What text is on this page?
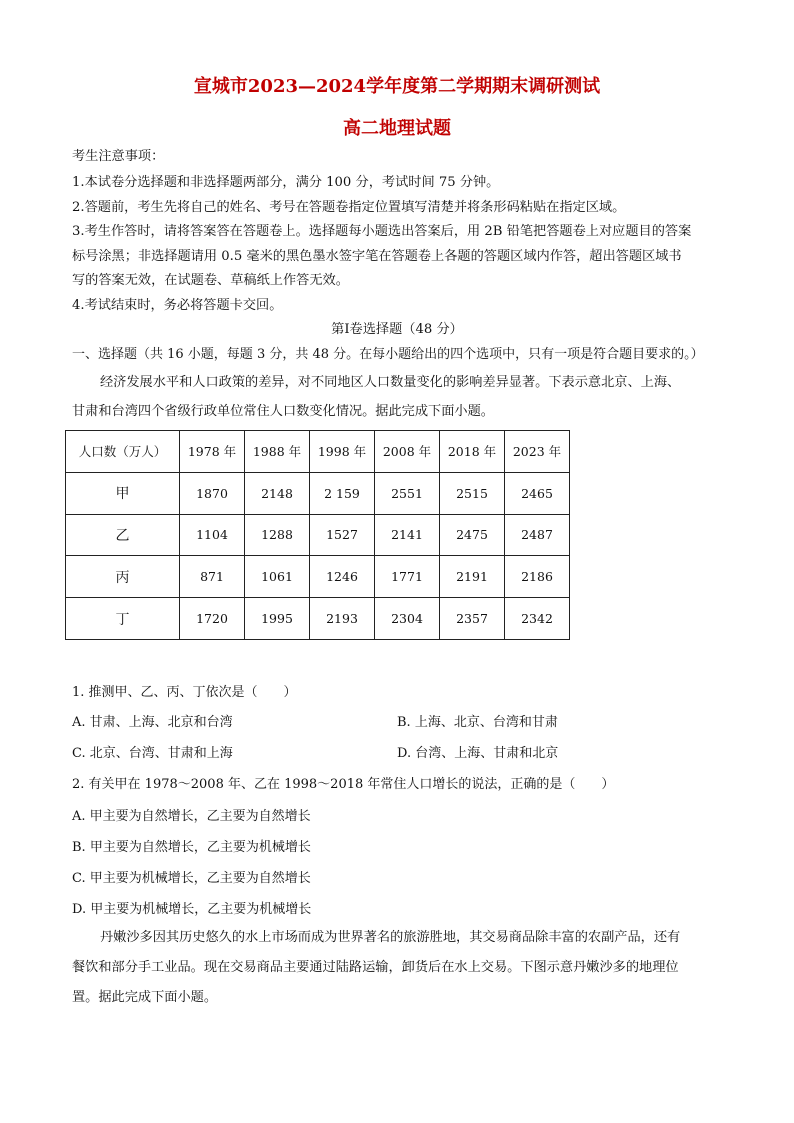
宣城市2023—2024学年度第二学期期末调研测试
高二地理试题
考生注意事项：
1.本试卷分选择题和非选择题两部分，满分 100 分，考试时间 75 分钟。
2.答题前，考生先将自己的姓名、考号在答题卷指定位置填写清楚并将条形码粘贴在指定区域。
3.考生作答时，请将答案答在答题卷上。选择题每小题选出答案后，用 2B 铅笔把答题卷上对应题目的答案
标号涂黑；非选择题请用 0.5 毫米的黑色墨水签字笔在答题卷上各题的答题区域内作答，超出答题区域书
写的答案无效，在试题卷、草稿纸上作答无效。
4.考试结束时，务必将答题卡交回。
第Ⅰ卷选择题（48 分）
一、选择题（共 16 小题，每题 3 分，共 48 分。在每小题给出的四个选项中，只有一项是符合题目要求的。）
经济发展水平和人口政策的差异，对不同地区人口数量变化的影响差异显著。下表示意北京、上海、
甘肃和台湾四个省级行政单位常住人口数变化情况。据此完成下面小题。
人口数（万人）	1978 年	1988 年	1998 年	2008 年	2018 年	2023 年
甲	1870	2148	2 159	2551	2515	2465
乙	1104	1288	1527	2141	2475	2487
丙	871	1061	1246	1771	2191	2186
丁	1720	1995	2193	2304	2357	2342
1. 推测甲、乙、丙、丁依次是（　　）
A. 甘肃、上海、北京和台湾	B. 上海、北京、台湾和甘肃
C. 北京、台湾、甘肃和上海	D. 台湾、上海、甘肃和北京
2. 有关甲在 1978～2008 年、乙在 1998～2018 年常住人口增长的说法，正确的是（　　）
A. 甲主要为自然增长，乙主要为自然增长
B. 甲主要为自然增长，乙主要为机械增长
C. 甲主要为机械增长，乙主要为自然增长
D. 甲主要为机械增长，乙主要为机械增长
丹嫩沙多因其历史悠久的水上市场而成为世界著名的旅游胜地，其交易商品除丰富的农副产品，还有
餐饮和部分手工业品。现在交易商品主要通过陆路运输，卸货后在水上交易。下图示意丹嫩沙多的地理位
置。据此完成下面小题。
